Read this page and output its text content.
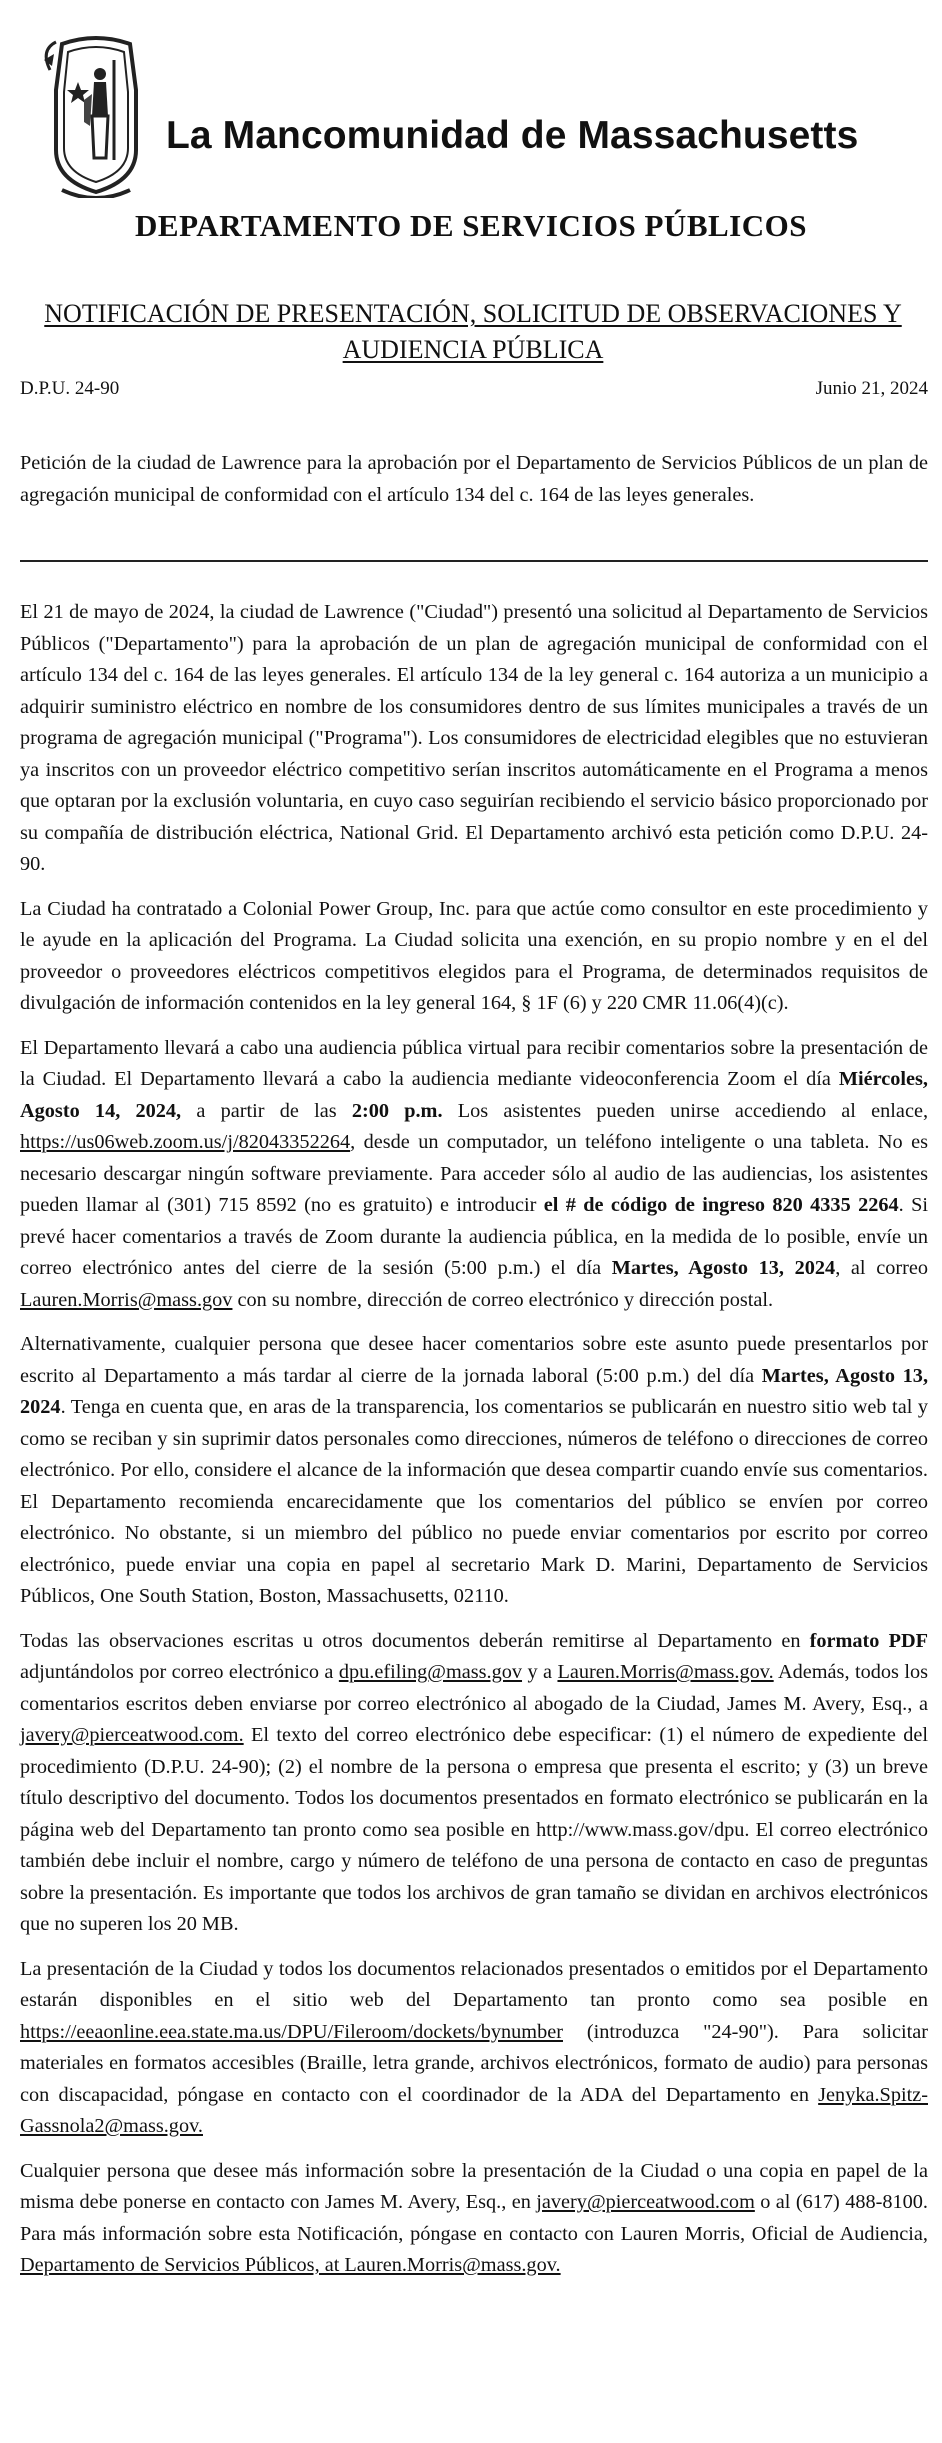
La Mancomunidad de Massachusetts
DEPARTAMENTO DE SERVICIOS PÚBLICOS
NOTIFICACIÓN DE PRESENTACIÓN, SOLICITUD DE OBSERVACIONES Y
AUDIENCIA PÚBLICA
D.P.U. 24-90	Junio 21, 2024
Petición de la ciudad de Lawrence para la aprobación por el Departamento de Servicios Públicos de un plan de agregación municipal de conformidad con el artículo 134 del c. 164 de las leyes generales.

El 21 de mayo de 2024, la ciudad de Lawrence ("Ciudad") presentó una solicitud al Departamento de Servicios Públicos ("Departamento") para la aprobación de un plan de agregación municipal de conformidad con el artículo 134 del c. 164 de las leyes generales. El artículo 134 de la ley general c. 164 autoriza a un municipio a adquirir suministro eléctrico en nombre de los consumidores dentro de sus límites municipales a través de un programa de agregación municipal ("Programa"). Los consumidores de electricidad elegibles que no estuvieran ya inscritos con un proveedor eléctrico competitivo serían inscritos automáticamente en el Programa a menos que optaran por la exclusión voluntaria, en cuyo caso seguirían recibiendo el servicio básico proporcionado por su compañía de distribución eléctrica, National Grid. El Departamento archivó esta petición como D.P.U. 24-90.

La Ciudad ha contratado a Colonial Power Group, Inc. para que actúe como consultor en este procedimiento y le ayude en la aplicación del Programa. La Ciudad solicita una exención, en su propio nombre y en el del proveedor o proveedores eléctricos competitivos elegidos para el Programa, de determinados requisitos de divulgación de información contenidos en la ley general 164, § 1F (6) y 220 CMR 11.06(4)(c).

El Departamento llevará a cabo una audiencia pública virtual para recibir comentarios sobre la presentación de la Ciudad. El Departamento llevará a cabo la audiencia mediante videoconferencia Zoom el día Miércoles, Agosto 14, 2024, a partir de las 2:00 p.m. Los asistentes pueden unirse accediendo al enlace, https://us06web.zoom.us/j/82043352264, desde un computador, un teléfono inteligente o una tableta. No es necesario descargar ningún software previamente. Para acceder sólo al audio de las audiencias, los asistentes pueden llamar al (301) 715 8592 (no es gratuito) e introducir el # de código de ingreso 820 4335 2264. Si prevé hacer comentarios a través de Zoom durante la audiencia pública, en la medida de lo posible, envíe un correo electrónico antes del cierre de la sesión (5:00 p.m.) el día Martes, Agosto 13, 2024, al correo Lauren.Morris@mass.gov con su nombre, dirección de correo electrónico y dirección postal.

Alternativamente, cualquier persona que desee hacer comentarios sobre este asunto puede presentarlos por escrito al Departamento a más tardar al cierre de la jornada laboral (5:00 p.m.) del día Martes, Agosto 13, 2024. Tenga en cuenta que, en aras de la transparencia, los comentarios se publicarán en nuestro sitio web tal y como se reciban y sin suprimir datos personales como direcciones, números de teléfono o direcciones de correo electrónico. Por ello, considere el alcance de la información que desea compartir cuando envíe sus comentarios. El Departamento recomienda encarecidamente que los comentarios del público se envíen por correo electrónico. No obstante, si un miembro del público no puede enviar comentarios por escrito por correo electrónico, puede enviar una copia en papel al secretario Mark D. Marini, Departamento de Servicios Públicos, One South Station, Boston, Massachusetts, 02110.

Todas las observaciones escritas u otros documentos deberán remitirse al Departamento en formato PDF adjuntándolos por correo electrónico a dpu.efiling@mass.gov y a Lauren.Morris@mass.gov. Además, todos los comentarios escritos deben enviarse por correo electrónico al abogado de la Ciudad, James M. Avery, Esq., a javery@pierceatwood.com. El texto del correo electrónico debe especificar: (1) el número de expediente del procedimiento (D.P.U. 24-90); (2) el nombre de la persona o empresa que presenta el escrito; y (3) un breve título descriptivo del documento. Todos los documentos presentados en formato electrónico se publicarán en la página web del Departamento tan pronto como sea posible en http://www.mass.gov/dpu. El correo electrónico también debe incluir el nombre, cargo y número de teléfono de una persona de contacto en caso de preguntas sobre la presentación. Es importante que todos los archivos de gran tamaño se dividan en archivos electrónicos que no superen los 20 MB.

La presentación de la Ciudad y todos los documentos relacionados presentados o emitidos por el Departamento estarán disponibles en el sitio web del Departamento tan pronto como sea posible en https://eeaonline.eea.state.ma.us/DPU/Fileroom/dockets/bynumber (introduzca "24-90"). Para solicitar materiales en formatos accesibles (Braille, letra grande, archivos electrónicos, formato de audio) para personas con discapacidad, póngase en contacto con el coordinador de la ADA del Departamento en Jenyka.Spitz-Gassnola2@mass.gov.

Cualquier persona que desee más información sobre la presentación de la Ciudad o una copia en papel de la misma debe ponerse en contacto con James M. Avery, Esq., en javery@pierceatwood.com o al (617) 488-8100. Para más información sobre esta Notificación, póngase en contacto con Lauren Morris, Oficial de Audiencia, Departamento de Servicios Públicos, at Lauren.Morris@mass.gov.
